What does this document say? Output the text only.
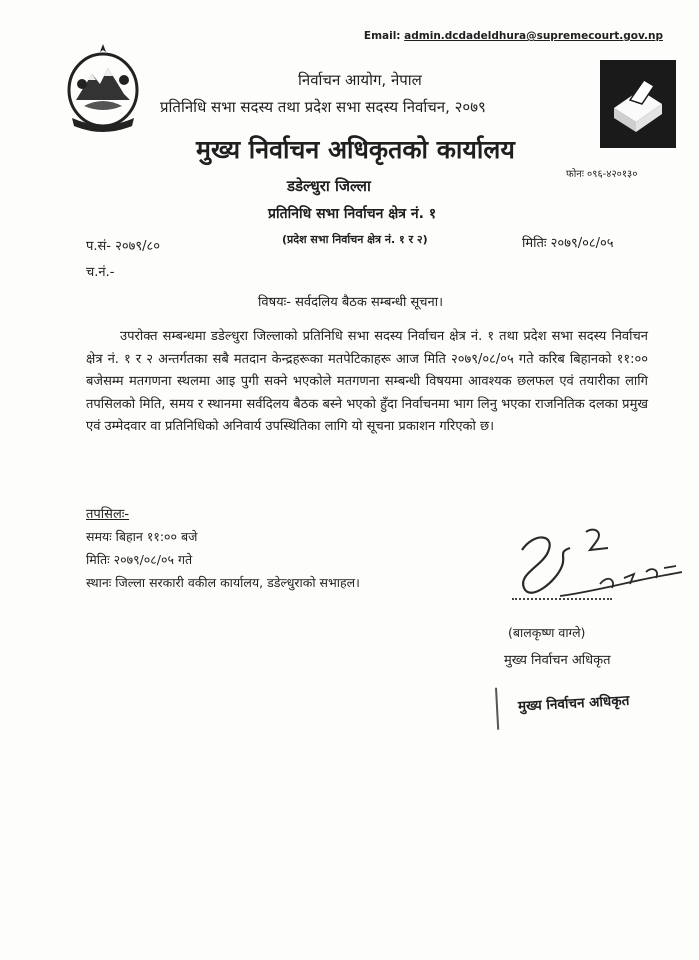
Email: admin.dcdadeldhura@supremecourt.gov.np

निर्वाचन आयोग, नेपाल

प्रतिनिधि सभा सदस्य तथा प्रदेश सभा सदस्य निर्वाचन, २०७९

मुख्य निर्वाचन अधिकृतको कार्यालय

फोनः ०९६-४२०१३०

डडेल्धुरा जिल्ला

प्रतिनिधि सभा निर्वाचन क्षेत्र नं. १

(प्रदेश सभा निर्वाचन क्षेत्र नं. १ र २)

प.सं- २०७९/८०	मितिः २०७९/०८/०५

च.नं.-

विषयः- सर्वदलिय बैठक सम्बन्धी सूचना।

उपरोक्त सम्बन्धमा डडेल्धुरा जिल्लाको प्रतिनिधि सभा सदस्य निर्वाचन क्षेत्र नं. १ तथा प्रदेश सभा सदस्य निर्वाचन क्षेत्र नं. १ र २ अन्तर्गतका सबै मतदान केन्द्रहरूका मतपेटिकाहरू आज मिति २०७९/०८/०५ गते करिब बिहानको ११:०० बजेसम्म मतगणना स्थलमा आइ पुगी सक्ने भएकोले मतगणना सम्बन्धी विषयमा आवश्यक छलफल एवं तयारीका लागि तपसिलको मिति, समय र स्थानमा सर्वदिलय बैठक बस्ने भएको हुँदा निर्वाचनमा भाग लिनु भएका राजनितिक दलका प्रमुख एवं उम्मेदवार वा प्रतिनिधिको अनिवार्य उपस्थितिका लागि यो सूचना प्रकाशन गरिएको छ।

तपसिलः-

समयः बिहान ११:०० बजे

मितिः २०७९/०८/०५ गते

स्थानः जिल्ला सरकारी वकील कार्यालय, डडेल्धुराको सभाहल।

(बालकृष्ण वाग्ले)

मुख्य निर्वाचन अधिकृत

मुख्य निर्वाचन अधिकृत
